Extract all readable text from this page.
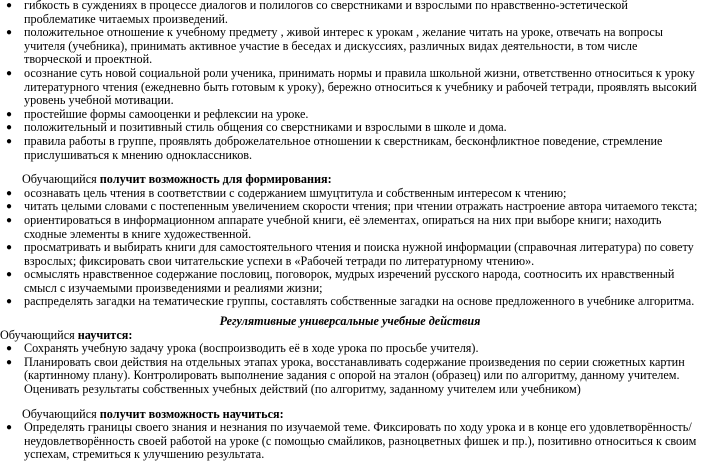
● гибкость в суждениях в процессе диалогов и полилогов со сверстниками и взрослыми по нравственно-эстетической проблематике читаемых произведений.
● положительное отношение к учебному предмету , живой интерес к урокам , желание читать на уроке, отвечать на вопросы учителя (учебника), принимать активное участие в беседах и дискуссиях, различных видах деятельности, в том числе творческой и проектной.
● осознание суть новой социальной роли ученика, принимать нормы и правила школьной жизни, ответственно относиться к уроку литературного чтения (ежедневно быть готовым к уроку), бережно относиться к учебнику и рабочей тетради, проявлять высокий уровень учебной мотивации.
● простейшие формы самооценки и рефлексии на уроке.
● положительный и позитивный стиль общения со сверстниками и взрослыми в школе и дома.
● правила работы в группе, проявлять доброжелательное отношении к сверстникам, бесконфликтное поведение, стремление прислушиваться к мнению одноклассников.
Обучающийся получит возможность для формирования:
● осознавать цель чтения в соответствии с содержанием шмуцтитула и собственным интересом к чтению;
● читать целыми словами с постепенным увеличением скорости чтения; при чтении отражать настроение автора читаемого текста;
● ориентироваться в информационном аппарате учебной книги, её элементах, опираться на них при выборе книги; находить сходные элементы в книге художественной.
● просматривать и выбирать книги для самостоятельного чтения и поиска нужной информации (справочная литература) по совету взрослых; фиксировать свои читательские успехи в «Рабочей тетради по литературному чтению».
● осмыслять нравственное содержание пословиц, поговорок, мудрых изречений русского народа, соотносить их нравственный смысл с изучаемыми произведениями и реалиями жизни;
● распределять загадки на тематические группы, составлять собственные загадки на основе предложенного в учебнике алгоритма.
Регулятивные универсальные учебные действия
Обучающийся научится:
● Сохранять учебную задачу урока (воспроизводить её в ходе урока по просьбе учителя).
● Планировать свои действия на отдельных этапах урока, восстанавливать содержание произведения по серии сюжетных картин (картинному плану). Контролировать выполнение задания с опорой на эталон (образец) или по алгоритму, данному учителем. Оценивать результаты собственных учебных действий (по алгоритму, заданному учителем или учебником)
Обучающийся получит возможность научиться:
● Определять границы своего знания и незнания по изучаемой теме. Фиксировать по ходу урока и в конце его удовлетворённость/неудовлетворённость своей работой на уроке (с помощью смайликов, разноцветных фишек и пр.), позитивно относиться к своим успехам, стремиться к улучшению результата.
